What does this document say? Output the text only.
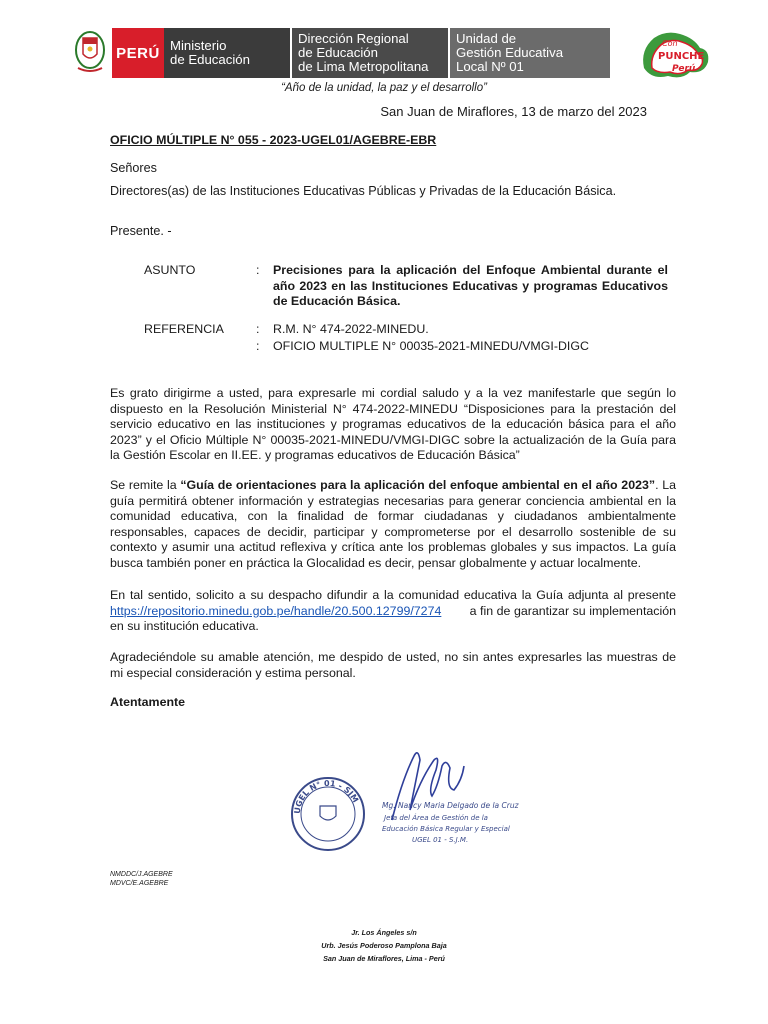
PERÚ Ministerio
de Educación
Dirección Regional
de Educación
de Lima Metropolitana
Unidad de
Gestión Educativa
Local Nº 01
Con
PUNCHE
Perú
“Año de la unidad, la paz y el desarrollo”
San Juan de Miraflores, 13 de marzo del 2023
OFICIO MÚLTIPLE N° 055 - 2023-UGEL01/AGEBRE-EBR
Señores
Directores(as) de las Instituciones Educativas Públicas y Privadas de la Educación Básica.
Presente. -
ASUNTO	: Precisiones para la aplicación del Enfoque Ambiental durante el año 2023 en las Instituciones Educativas y programas Educativos de Educación Básica.
REFERENCIA	: R.M. N° 474-2022-MINEDU.
: OFICIO MULTIPLE N° 00035-2021-MINEDU/VMGI-DIGC
Es grato dirigirme a usted, para expresarle mi cordial saludo y a la vez manifestarle que según lo dispuesto en la Resolución Ministerial N° 474-2022-MINEDU “Disposiciones para la prestación del servicio educativo en las instituciones y programas educativos de la educación básica para el año 2023” y el Oficio Múltiple N° 00035-2021-MINEDU/VMGI-DIGC sobre la actualización de la Guía para la Gestión Escolar en II.EE. y programas educativos de Educación Básica”
Se remite la “Guía de orientaciones para la aplicación del enfoque ambiental en el año 2023”. La guía permitirá obtener información y estrategias necesarias para generar conciencia ambiental en la comunidad educativa, con la finalidad de formar ciudadanas y ciudadanos ambientalmente responsables, capaces de decidir, participar y comprometerse por el desarrollo sostenible de su contexto y asumir una actitud reflexiva y crítica ante los problemas globales y sus impactos. La guía busca también poner en práctica la Glocalidad es decir, pensar globalmente y actuar localmente.
En tal sentido, solicito a su despacho difundir a la comunidad educativa la Guía adjunta al presente https://repositorio.minedu.gob.pe/handle/20.500.12799/7274 a fin de garantizar su implementación en su institución educativa.
Agradeciéndole su amable atención, me despido de usted, no sin antes expresarles las muestras de mi especial consideración y estima personal.
Atentamente
UGEL N° 01 - SJM
Mg. Nancy Maria Delgado de la Cruz
Jefa del Área de Gestión de la
Educación Básica Regular y Especial
UGEL 01 - S.J.M.
NMDDC/J.AGEBRE
MDVC/E.AGEBRE
Jr. Los Ángeles s/n
Urb. Jesús Poderoso Pamplona Baja
San Juan de Miraflores, Lima - Perú
